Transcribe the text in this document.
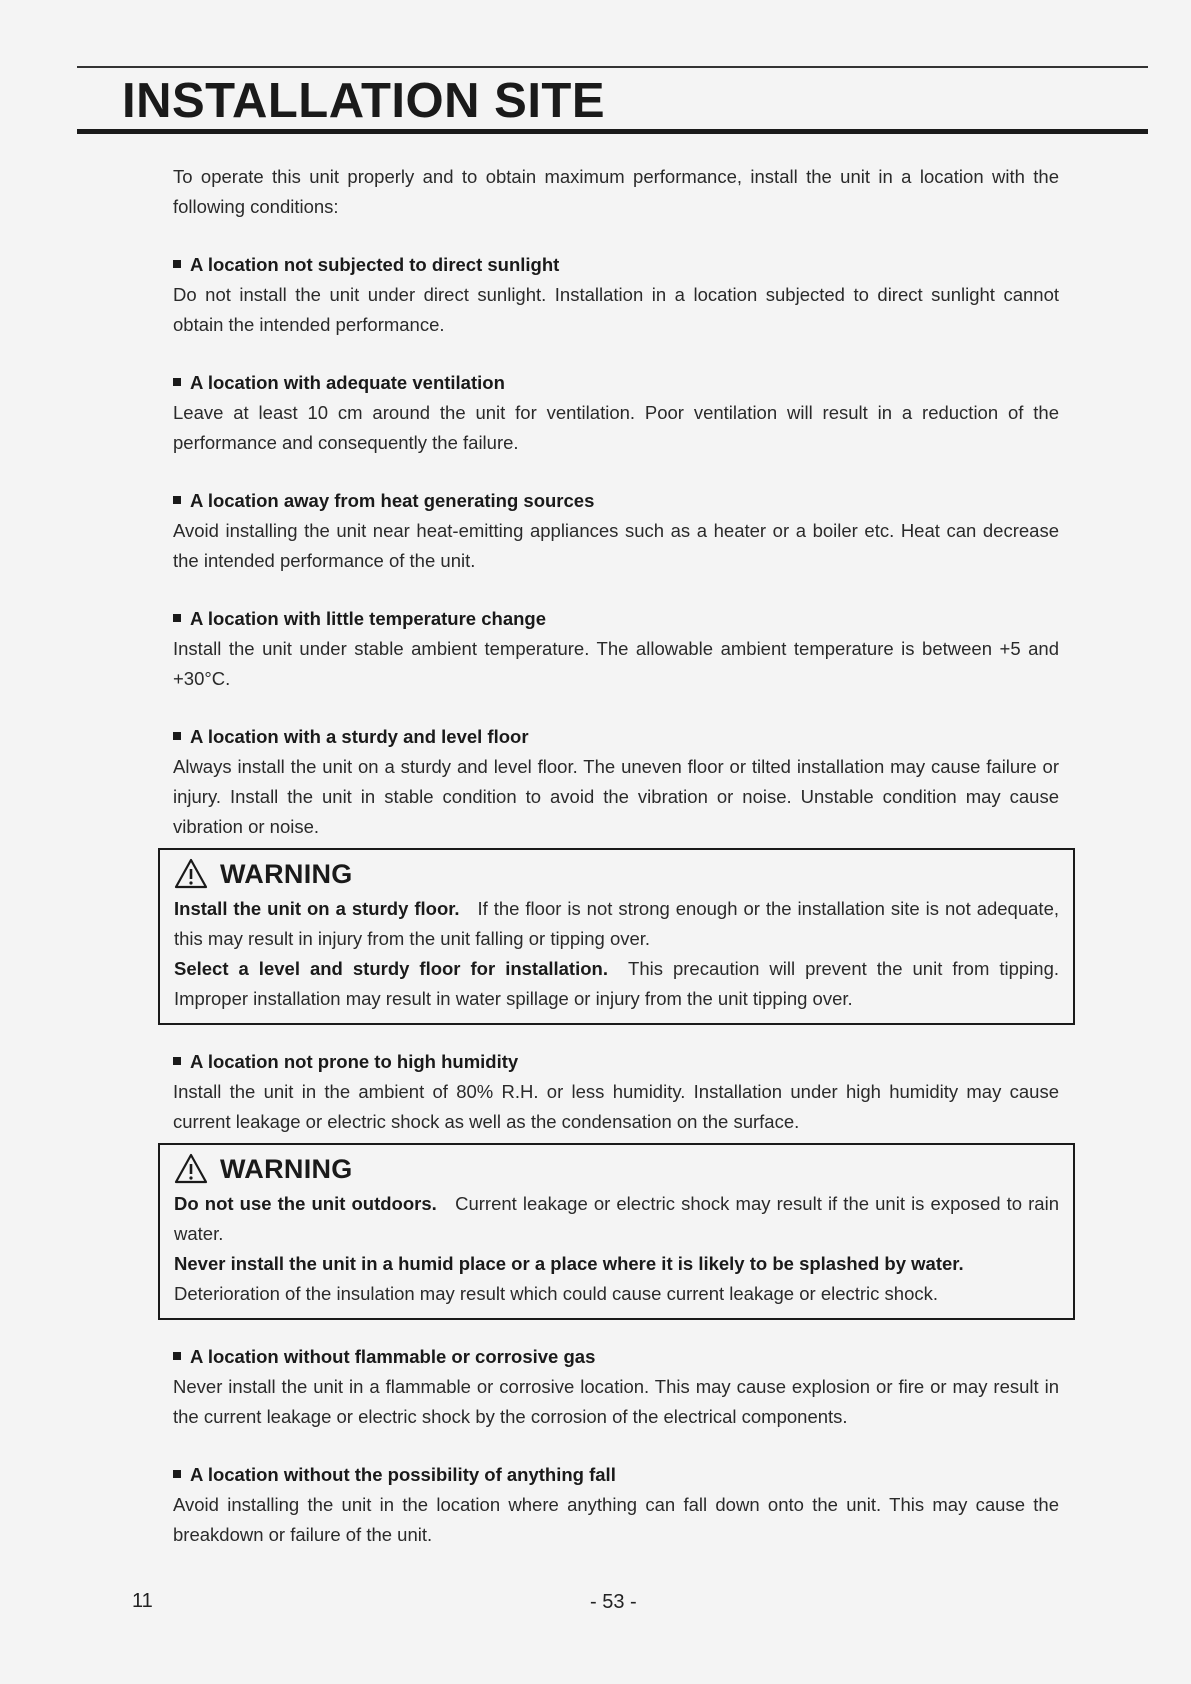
INSTALLATION SITE

To operate this unit properly and to obtain maximum performance, install the unit in a location with the following conditions:

A location not subjected to direct sunlight

Do not install the unit under direct sunlight. Installation in a location subjected to direct sunlight cannot obtain the intended performance.

A location with adequate ventilation

Leave at least 10 cm around the unit for ventilation. Poor ventilation will result in a reduction of the performance and consequently the failure.

A location away from heat generating sources

Avoid installing the unit near heat-emitting appliances such as a heater or a boiler etc. Heat can decrease the intended performance of the unit.

A location with little temperature change

Install the unit under stable ambient temperature. The allowable ambient temperature is between +5 and +30°C.

A location with a sturdy and level floor

Always install the unit on a sturdy and level floor. The uneven floor or tilted installation may cause failure or injury. Install the unit in stable condition to avoid the vibration or noise. Unstable condition may cause vibration or noise.

WARNING
Install the unit on a sturdy floor. If the floor is not strong enough or the installation site is not adequate, this may result in injury from the unit falling or tipping over.
Select a level and sturdy floor for installation. This precaution will prevent the unit from tipping. Improper installation may result in water spillage or injury from the unit tipping over.
A location not prone to high humidity

Install the unit in the ambient of 80% R.H. or less humidity. Installation under high humidity may cause current leakage or electric shock as well as the condensation on the surface.

WARNING
Do not use the unit outdoors. Current leakage or electric shock may result if the unit is exposed to rain water.
Never install the unit in a humid place or a place where it is likely to be splashed by water.
Deterioration of the insulation may result which could cause current leakage or electric shock.
A location without flammable or corrosive gas

Never install the unit in a flammable or corrosive location. This may cause explosion or fire or may result in the current leakage or electric shock by the corrosion of the electrical components.

A location without the possibility of anything fall

Avoid installing the unit in the location where anything can fall down onto the unit. This may cause the breakdown or failure of the unit.

11	- 53 -
